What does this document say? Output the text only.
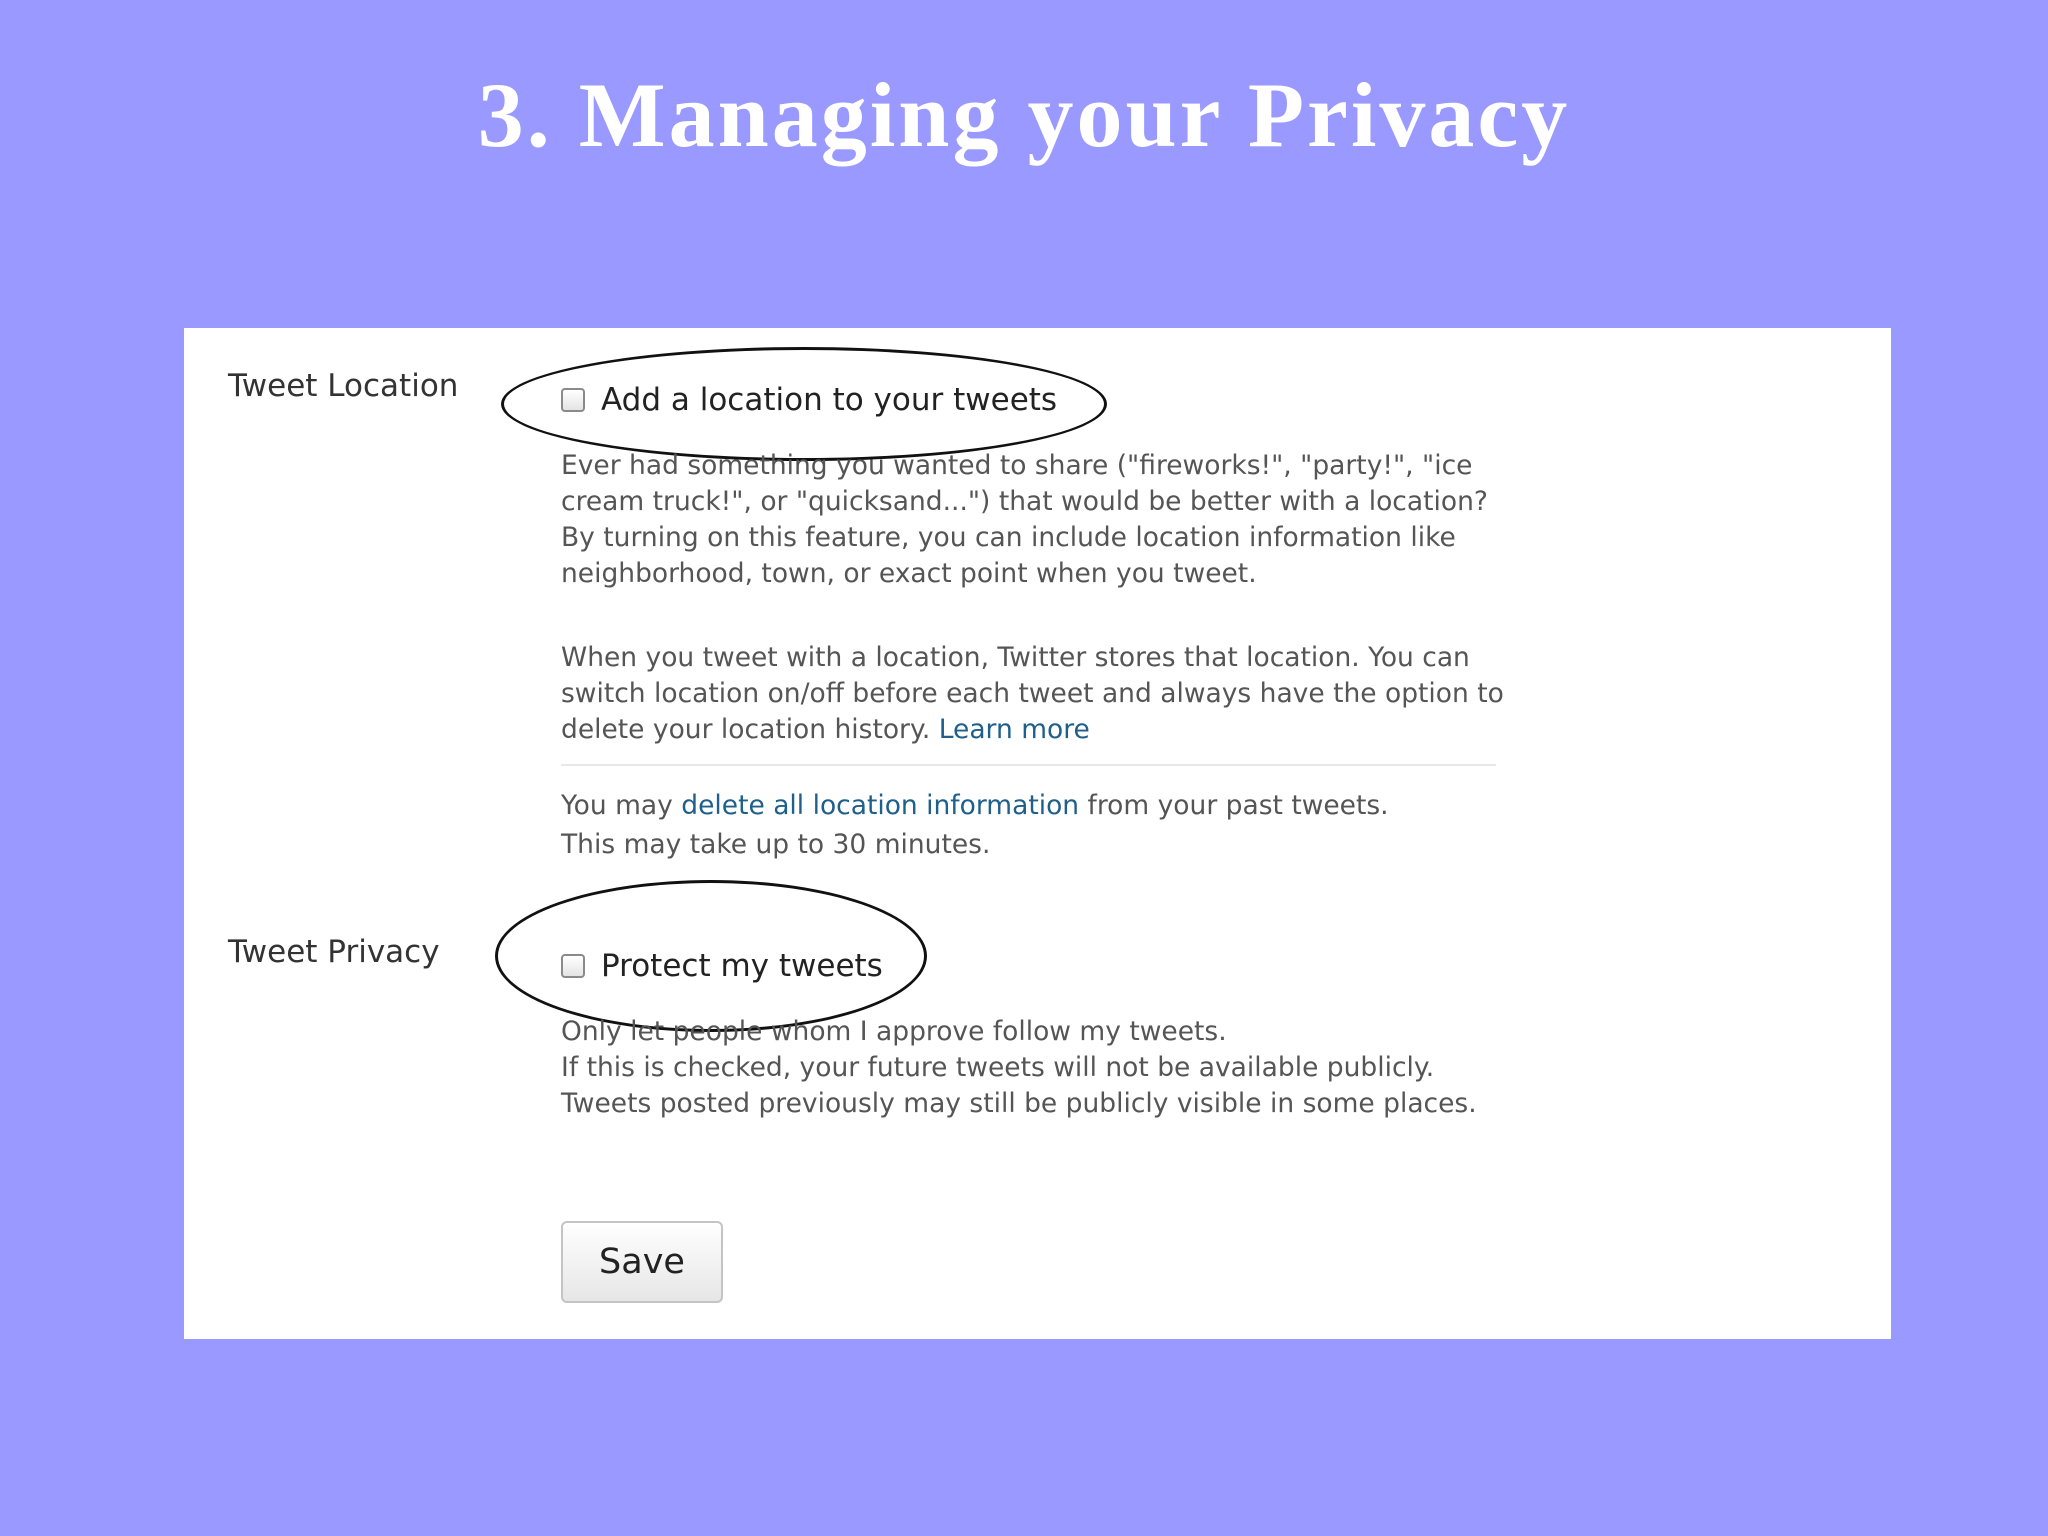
3. Managing your Privacy
Tweet Location	Add a location to your tweets

Ever had something you wanted to share ("fireworks!", "party!", "ice cream truck!", or "quicksand...") that would be better with a location? By turning on this feature, you can include location information like neighborhood, town, or exact point when you tweet.

When you tweet with a location, Twitter stores that location. You can switch location on/off before each tweet and always have the option to delete your location history. Learn more

You may delete all location information from your past tweets.
This may take up to 30 minutes.

Tweet Privacy	Protect my tweets

Only let people whom I approve follow my tweets.
If this is checked, your future tweets will not be available publicly. Tweets posted previously may still be publicly visible in some places.

Save
